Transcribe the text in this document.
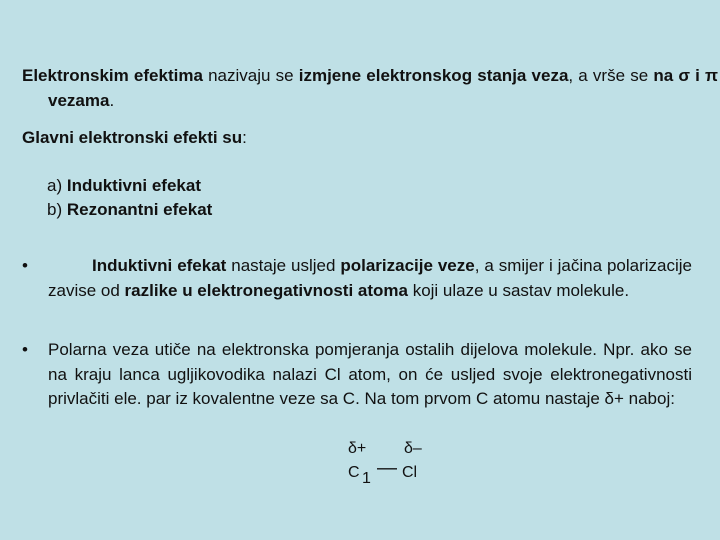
Elektronskim efektima nazivaju se izmjene elektronskog stanja veza, a vrše se na σ i π vezama.
Glavni elektronski efekti su:
a) Induktivni efekat
b) Rezonantni efekat
•	Induktivni efekat nastaje usljed polarizacije veze, a smijer i jačina polarizacije zavise od razlike u elektronegativnosti atoma koji ulaze u sastav molekule.
• Polarna veza utiče na elektronska pomjeranja ostalih dijelova molekule. Npr. ako se na kraju lanca ugljikovodika nalazi Cl atom, on će usljed svoje elektronegativnosti privlačiti ele. par iz kovalentne veze sa C. Na tom prvom C atomu nastaje δ+ naboj:
δ+ δ–
C 1 — Cl
